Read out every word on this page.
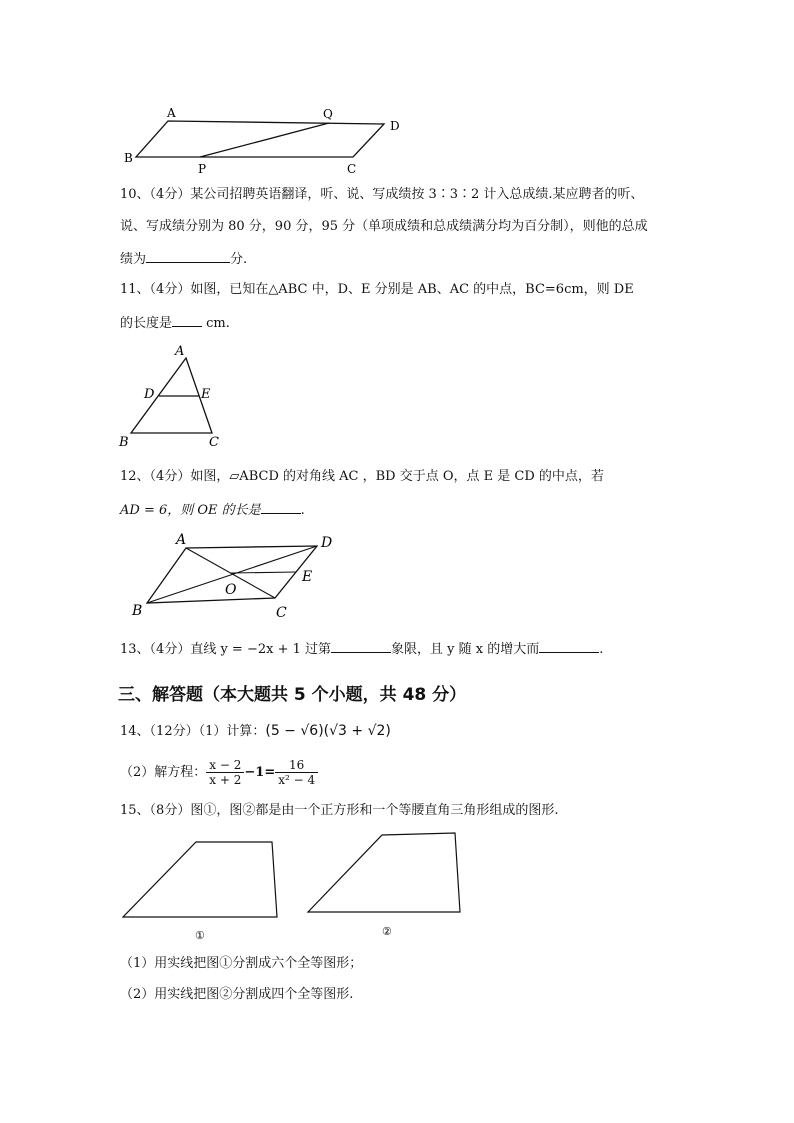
A	Q
D
B
P	C
10、（4分）某公司招聘英语翻译，听、说、写成绩按 3∶3∶2 计入总成绩.某应聘者的听、
说、写成绩分别为 80 分，90 分，95 分（单项成绩和总成绩满分均为百分制），则他的总成
绩为	分.
11、（4分）如图，已知在△ABC 中，D、E 分别是 AB、AC 的中点，BC=6cm，则 DE
的长度是 cm.
A
D	E
B	C
12、（4分）如图，▱ABCD 的对角线 AC ，BD 交于点 O，点 E 是 CD 的中点，若
AD = 6，则 OE 的长是	.
A	D
E
O
B	C
13、（4分）直线 y = −2x + 1 过第	象限，且 y 随 x 的增大而	.
三、解答题（本大题共 5 个小题，共 48 分）
14、（12分）（1）计算：(5 − √6)(√3 + √2)
（2）解方程： $\frac{x - 2}{x + 2} -1= \frac{16}{\text{x² − 4}}$
15、（8分）图①，图②都是由一个正方形和一个等腰直角三角形组成的图形.
①	②
（1）用实线把图①分割成六个全等图形；
（2）用实线把图②分割成四个全等图形.
